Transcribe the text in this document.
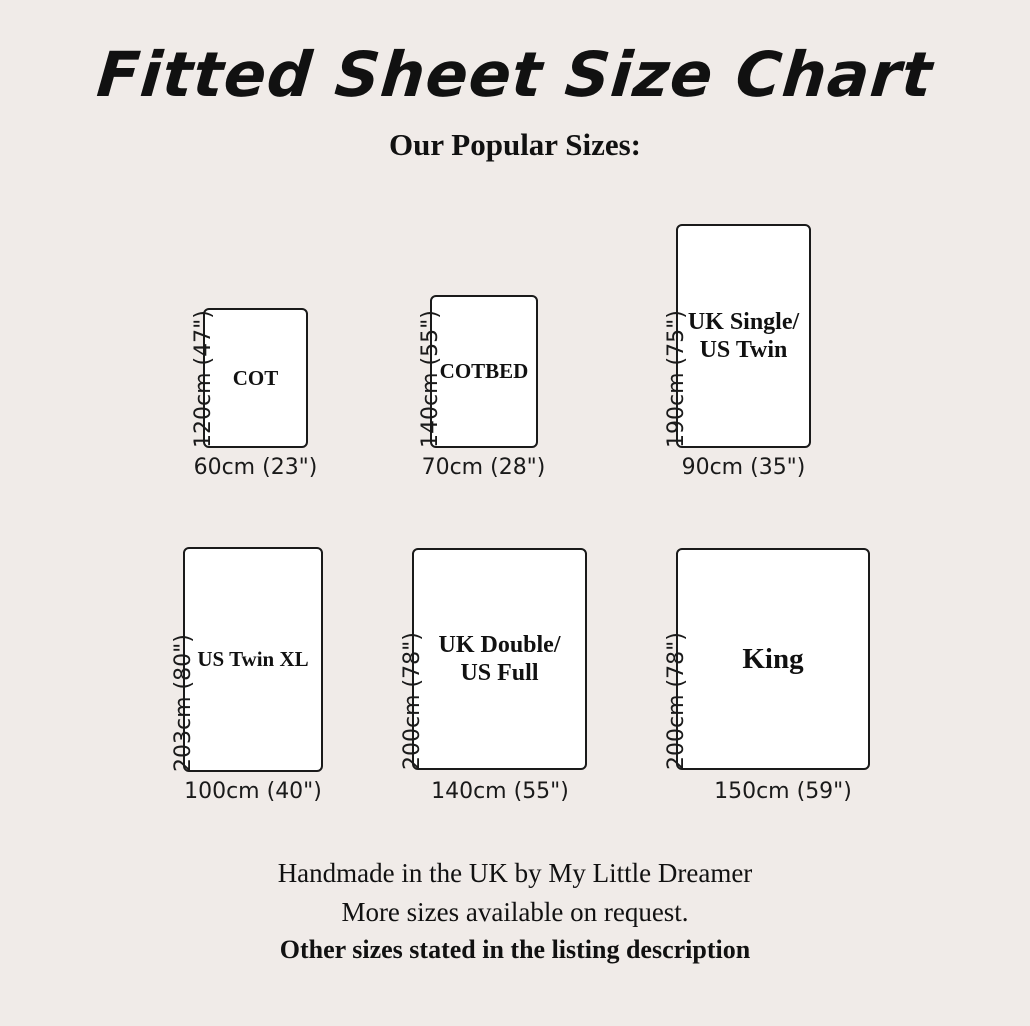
Fitted Sheet Size Chart
Our Popular Sizes:
COT
120cm (47")
60cm (23")
COTBED
140cm (55")
70cm (28")
UK Single/
US Twin
190cm (75")
90cm (35")
US Twin XL
203cm (80")
100cm (40")
UK Double/
US Full
200cm (78")
140cm (55")
King
200cm (78")
150cm (59")
Handmade in the UK by My Little Dreamer
More sizes available on request.
Other sizes stated in the listing description
